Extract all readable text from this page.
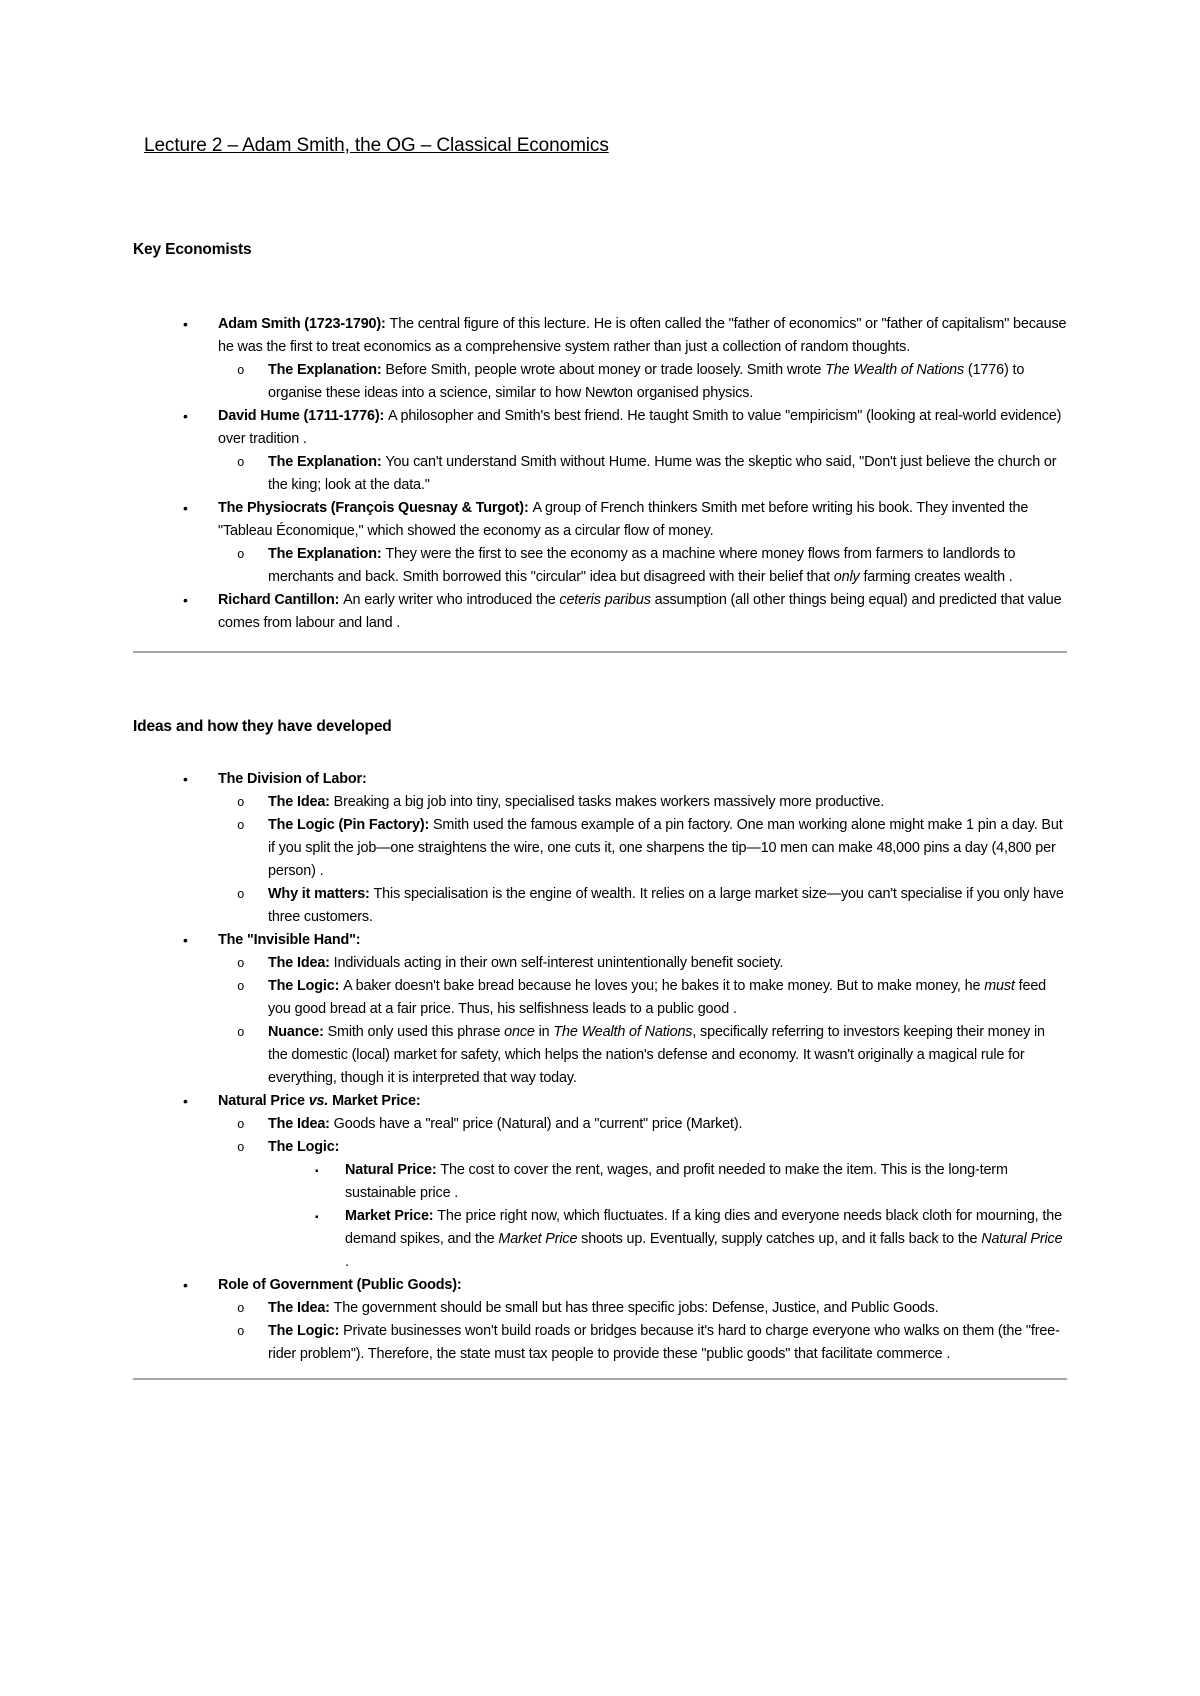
Lecture 2 – Adam Smith, the OG – Classical Economics
Key Economists
• Adam Smith (1723-1790): The central figure of this lecture. He is often called the "father of economics" or "father of capitalism" because he was the first to treat economics as a comprehensive system rather than just a collection of random thoughts.
o The Explanation: Before Smith, people wrote about money or trade loosely. Smith wrote The Wealth of Nations (1776) to organise these ideas into a science, similar to how Newton organised physics.
• David Hume (1711-1776): A philosopher and Smith's best friend. He taught Smith to value "empiricism" (looking at real-world evidence) over tradition .
o The Explanation: You can't understand Smith without Hume. Hume was the skeptic who said, "Don't just believe the church or the king; look at the data."
• The Physiocrats (François Quesnay & Turgot): A group of French thinkers Smith met before writing his book. They invented the "Tableau Économique," which showed the economy as a circular flow of money.
o The Explanation: They were the first to see the economy as a machine where money flows from farmers to landlords to merchants and back. Smith borrowed this "circular" idea but disagreed with their belief that only farming creates wealth .
• Richard Cantillon: An early writer who introduced the ceteris paribus assumption (all other things being equal) and predicted that value comes from labour and land .
Ideas and how they have developed
• The Division of Labor:
o The Idea: Breaking a big job into tiny, specialised tasks makes workers massively more productive.
o The Logic (Pin Factory): Smith used the famous example of a pin factory. One man working alone might make 1 pin a day. But if you split the job—one straightens the wire, one cuts it, one sharpens the tip—10 men can make 48,000 pins a day (4,800 per person) .
o Why it matters: This specialisation is the engine of wealth. It relies on a large market size—you can't specialise if you only have three customers.
• The "Invisible Hand":
o The Idea: Individuals acting in their own self-interest unintentionally benefit society.
o The Logic: A baker doesn't bake bread because he loves you; he bakes it to make money. But to make money, he must feed you good bread at a fair price. Thus, his selfishness leads to a public good .
o Nuance: Smith only used this phrase once in The Wealth of Nations, specifically referring to investors keeping their money in the domestic (local) market for safety, which helps the nation's defense and economy. It wasn't originally a magical rule for everything, though it is interpreted that way today.
• Natural Price vs. Market Price:
o The Idea: Goods have a "real" price (Natural) and a "current" price (Market).
o The Logic:
▪ Natural Price: The cost to cover the rent, wages, and profit needed to make the item. This is the long-term sustainable price .
▪ Market Price: The price right now, which fluctuates. If a king dies and everyone needs black cloth for mourning, the demand spikes, and the Market Price shoots up. Eventually, supply catches up, and it falls back to the Natural Price .
• Role of Government (Public Goods):
o The Idea: The government should be small but has three specific jobs: Defense, Justice, and Public Goods.
o The Logic: Private businesses won't build roads or bridges because it's hard to charge everyone who walks on them (the "free-rider problem"). Therefore, the state must tax people to provide these "public goods" that facilitate commerce .
